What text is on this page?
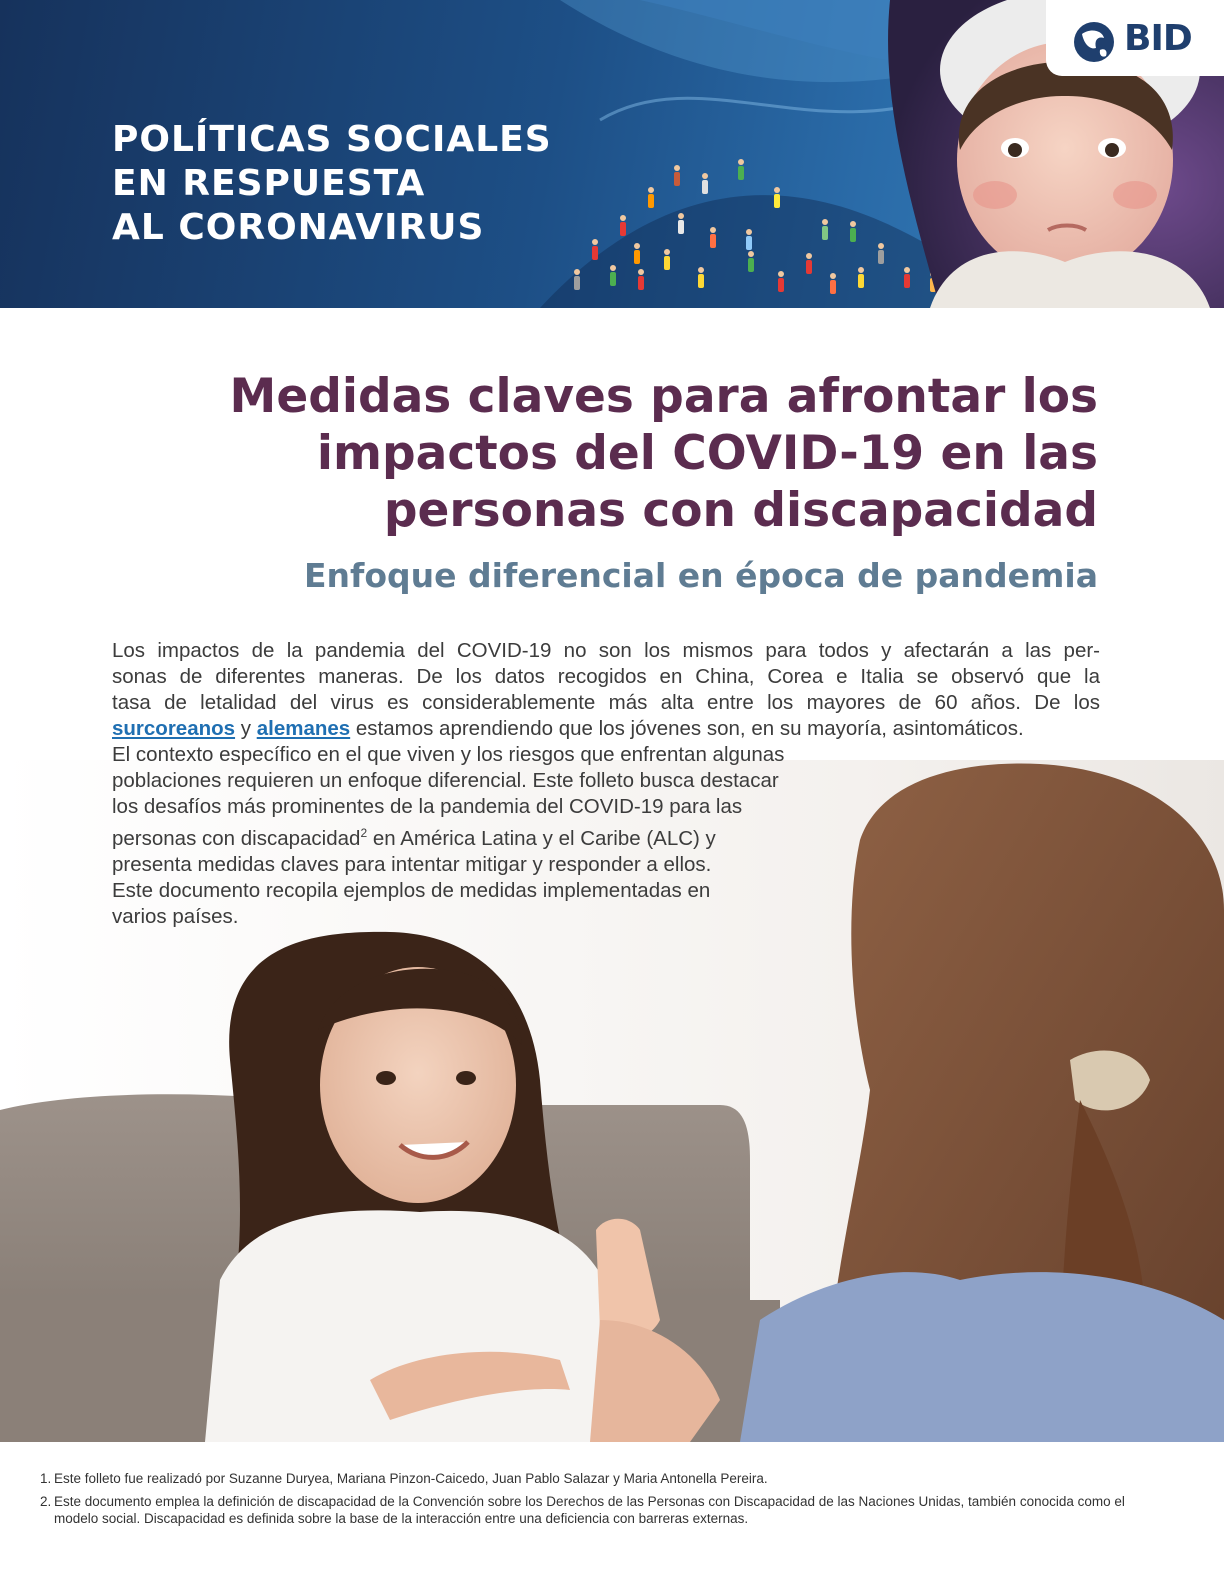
POLÍTICAS SOCIALES
EN RESPUESTA
AL CORONAVIRUS
BID
Medidas claves para afrontar los
impactos del COVID-19 en las
personas con discapacidad
Enfoque diferencial en época de pandemia
Los impactos de la pandemia del COVID-19 no son los mismos para todos y afectarán a las per-
sonas de diferentes maneras. De los datos recogidos en China, Corea e Italia se observó que la
tasa de letalidad del virus es considerablemente más alta entre los mayores de 60 años. De los
surcoreanos y alemanes estamos aprendiendo que los jóvenes son, en su mayoría, asintomáticos.
El contexto específico en el que viven y los riesgos que enfrentan algunas
poblaciones requieren un enfoque diferencial. Este folleto busca destacar
los desafíos más prominentes de la pandemia del COVID-19 para las
personas con discapacidad$^2$ en América Latina y el Caribe (ALC) y
presenta medidas claves para intentar mitigar y responder a ellos.
Este documento recopila ejemplos de medidas implementadas en
varios países.
1. Este folleto fue realizadó por Suzanne Duryea, Mariana Pinzon-Caicedo, Juan Pablo Salazar y Maria Antonella Pereira.
2. Este documento emplea la definición de discapacidad de la Convención sobre los Derechos de las Personas con Discapacidad de las Naciones Unidas, también conocida como el modelo social. Discapacidad es definida sobre la base de la interacción entre una deficiencia con barreras externas.
